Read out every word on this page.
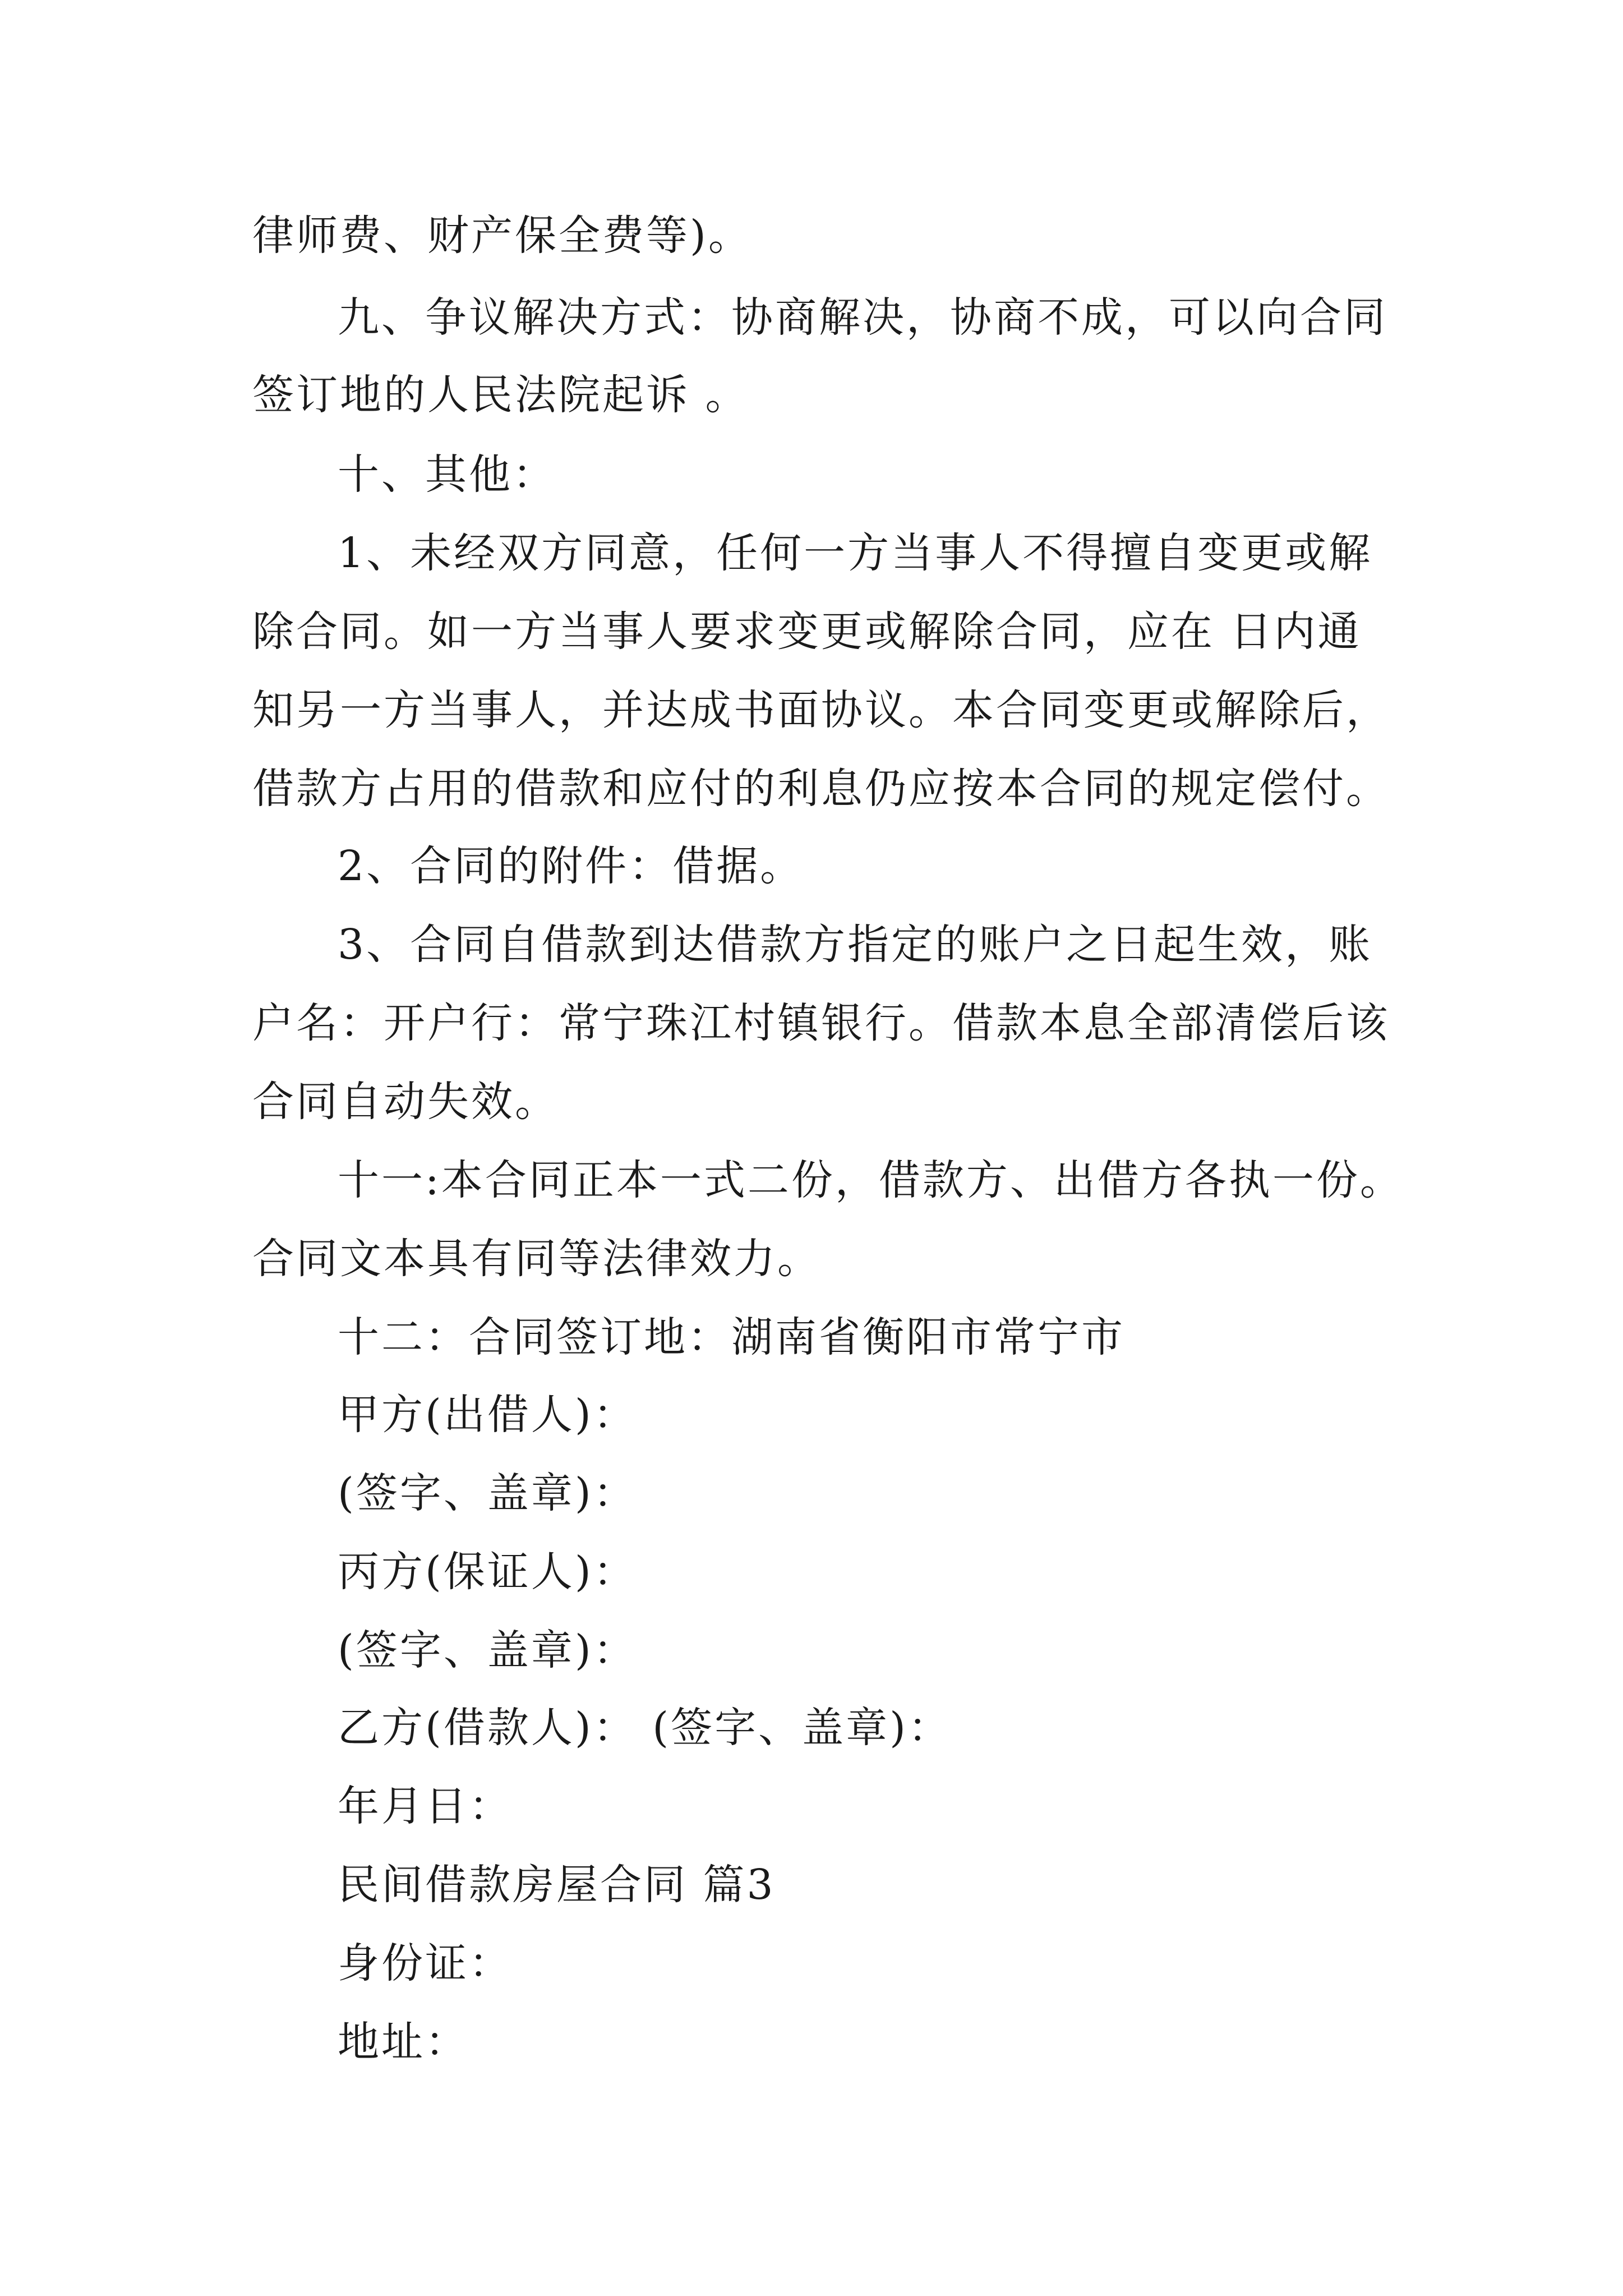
律师费、财产保全费等)。
九、争议解决方式：协商解决，协商不成，可以向合同
签订地的人民法院起诉 。
十、其他：
1、未经双方同意，任何一方当事人不得擅自变更或解
除合同。如一方当事人要求变更或解除合同，应在 日内通
知另一方当事人，并达成书面协议。本合同变更或解除后，
借款方占用的借款和应付的利息仍应按本合同的规定偿付。
2、合同的附件：借据。
3、合同自借款到达借款方指定的账户之日起生效，账
户名：开户行：常宁珠江村镇银行。借款本息全部清偿后该
合同自动失效。
十一:本合同正本一式二份，借款方、出借方各执一份。
合同文本具有同等法律效力。
十二：合同签订地：湖南省衡阳市常宁市
甲方(出借人)：
(签字、盖章)：
丙方(保证人)：
(签字、盖章)：
乙方(借款人)： (签字、盖章)：
年月日：
民间借款房屋合同 篇3
身份证：
地址：
